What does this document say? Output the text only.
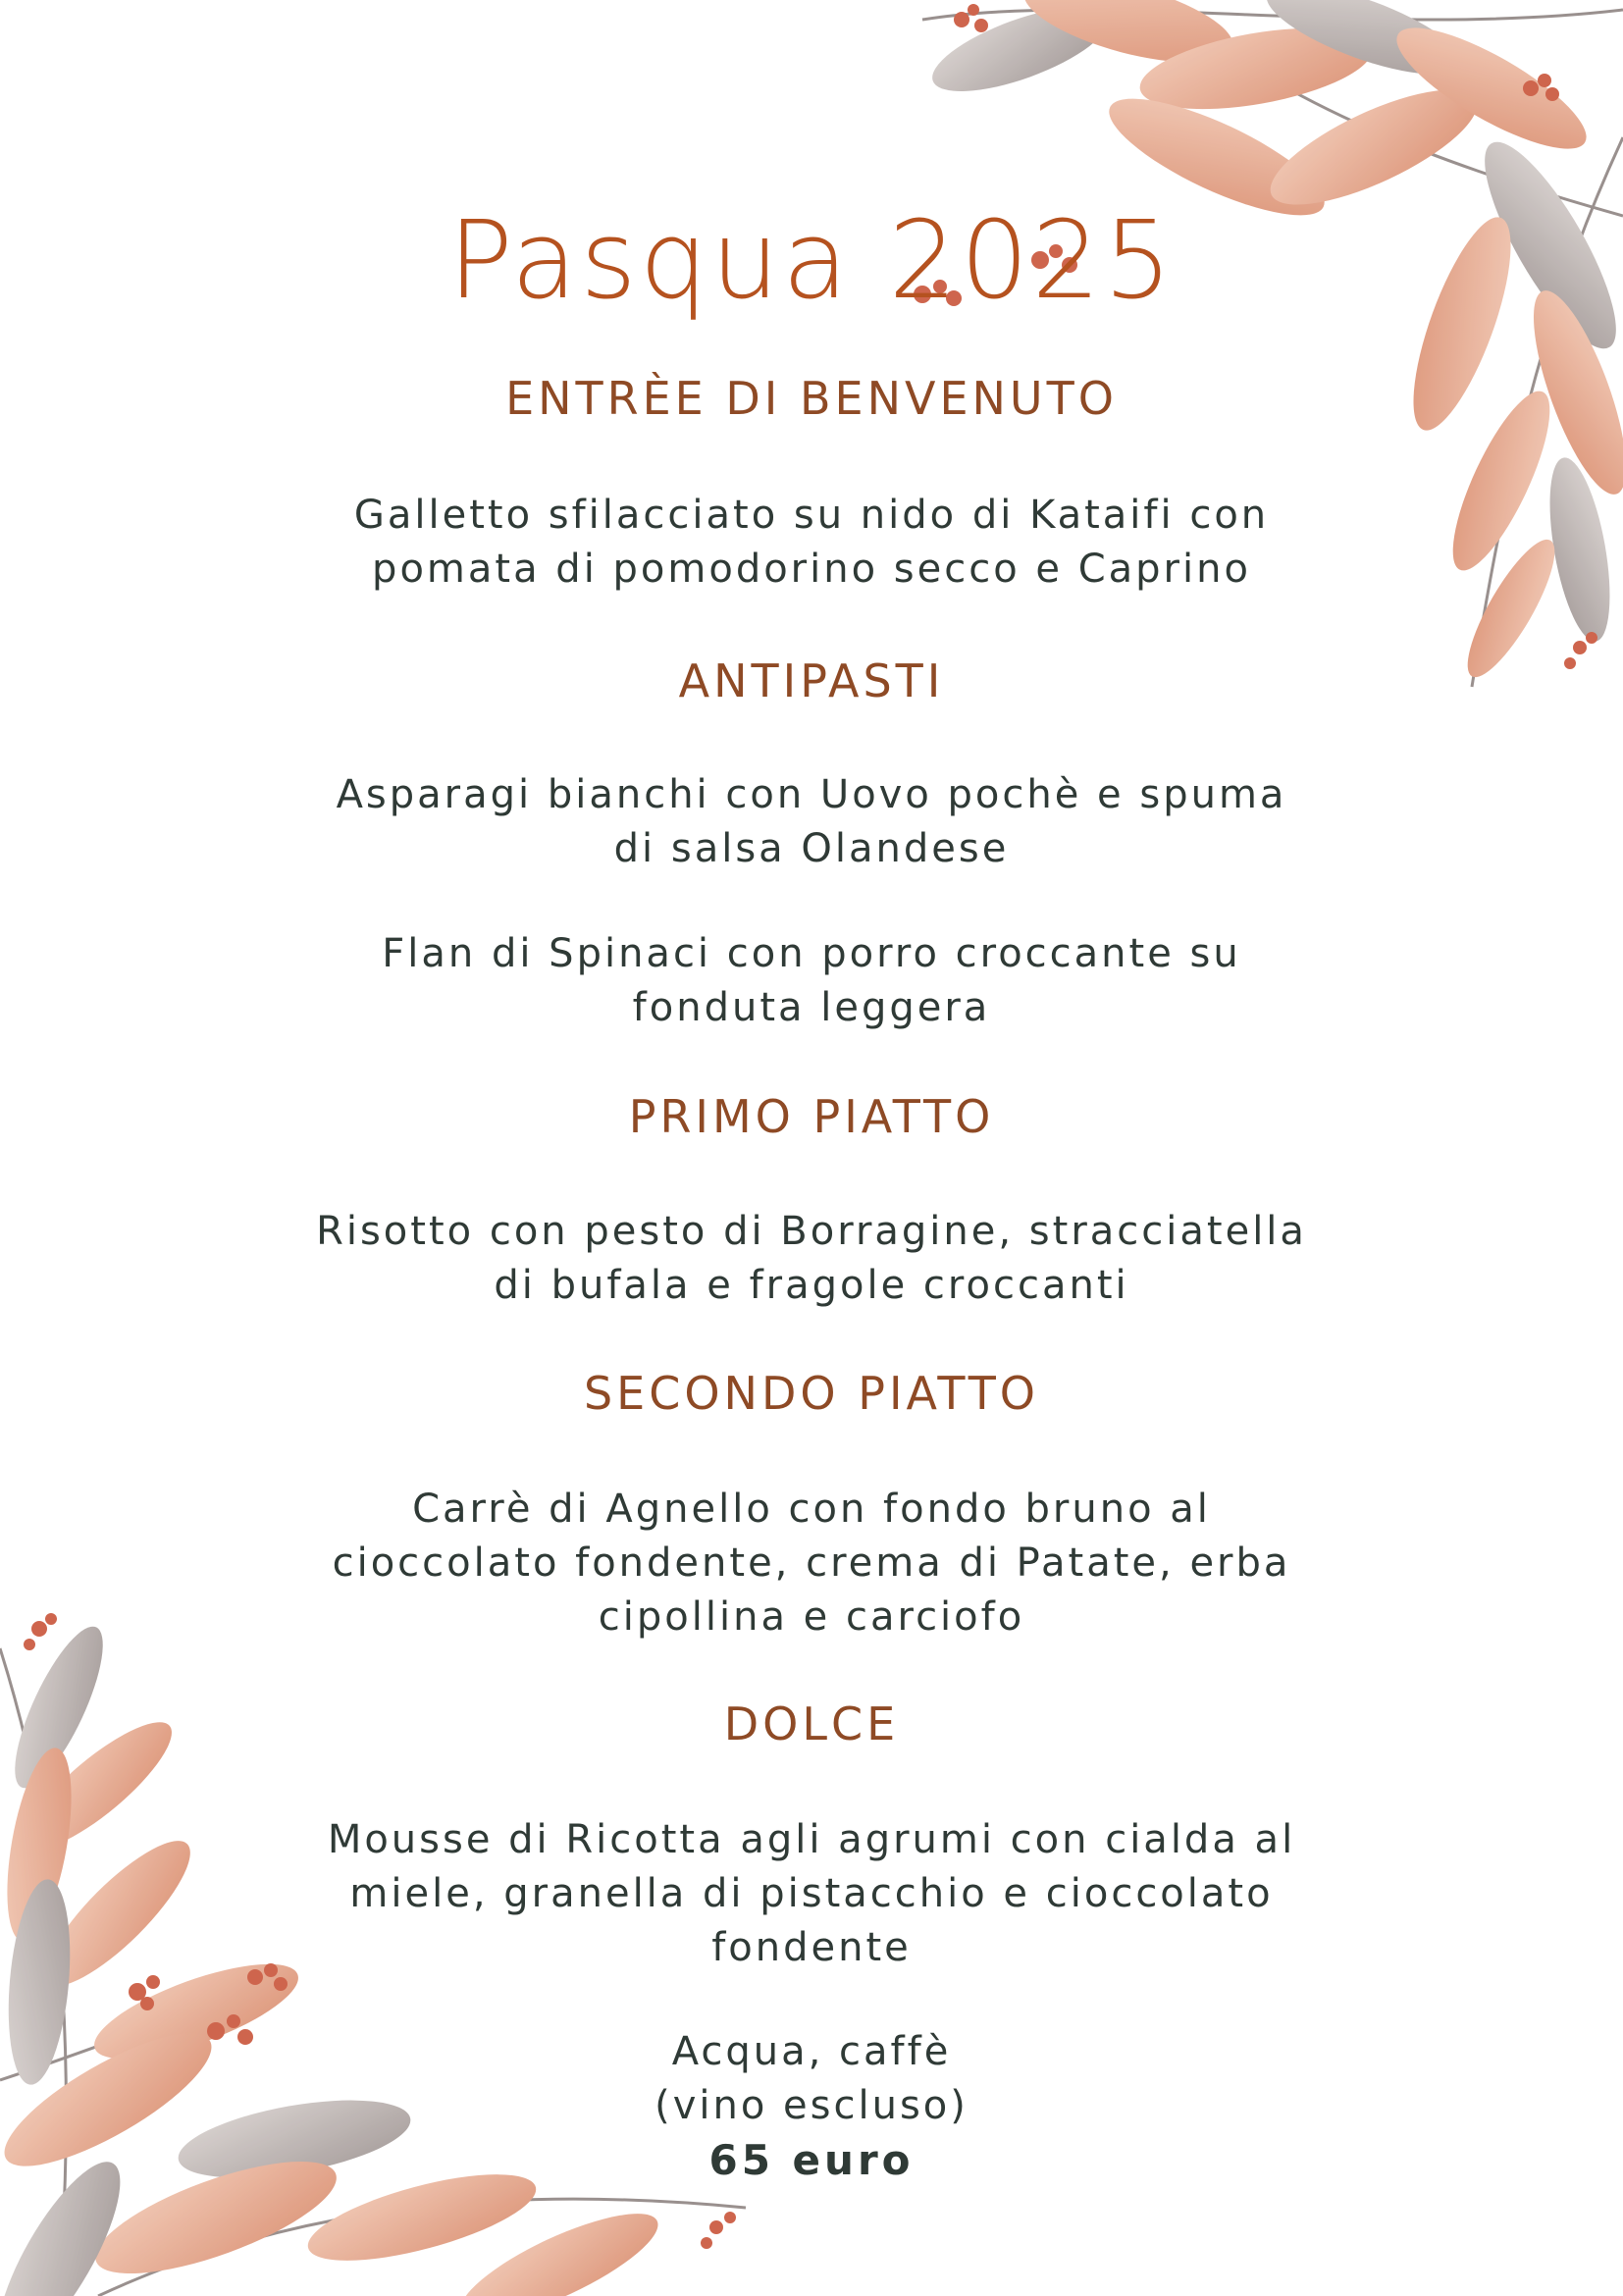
Pasqua 2025
ENTRÈE DI BENVENUTO
Galletto sfilacciato su nido di Kataifi con
pomata di pomodorino secco e Caprino
ANTIPASTI
Asparagi bianchi con Uovo pochè e spuma
di salsa Olandese
Flan di Spinaci con porro croccante su
fonduta leggera
PRIMO PIATTO
Risotto con pesto di Borragine, stracciatella
di bufala e fragole croccanti
SECONDO PIATTO
Carrè di Agnello con fondo bruno al
cioccolato fondente, crema di Patate, erba
cipollina e carciofo
DOLCE
Mousse di Ricotta agli agrumi con cialda al
miele, granella di pistacchio e cioccolato
fondente
Acqua, caffè
(vino escluso)
65 euro
